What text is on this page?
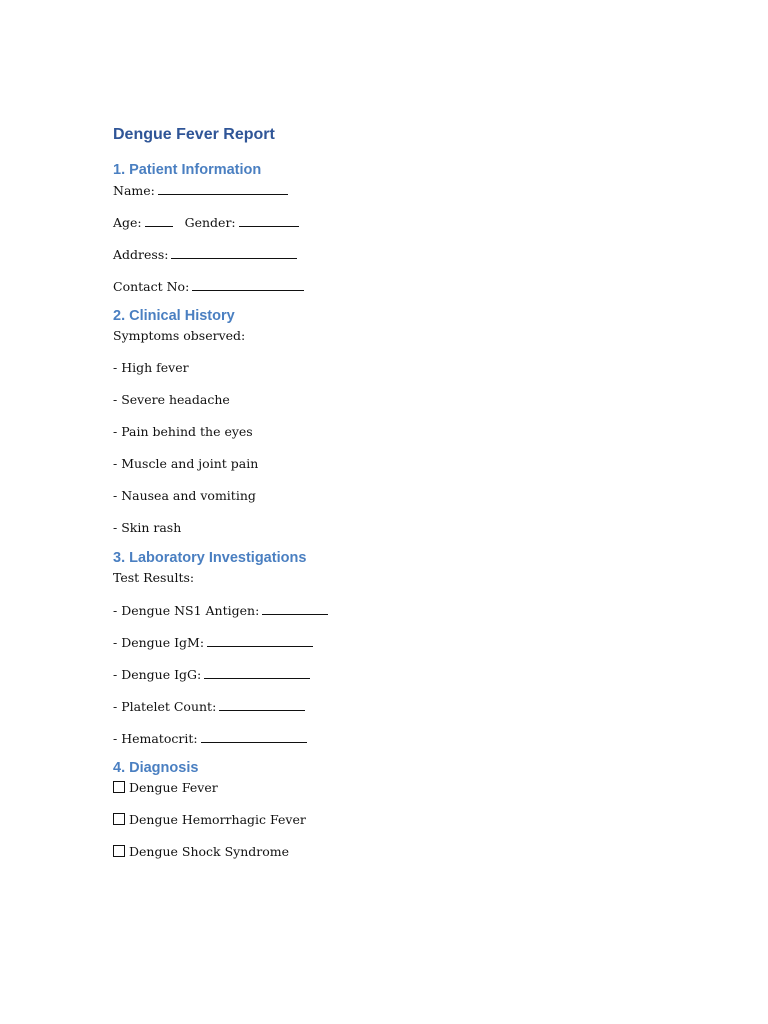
Dengue Fever Report
1. Patient Information
Name:
Age:	Gender:
Address:
Contact No:
2. Clinical History
Symptoms observed:
- High fever
- Severe headache
- Pain behind the eyes
- Muscle and joint pain
- Nausea and vomiting
- Skin rash
3. Laboratory Investigations
Test Results:
- Dengue NS1 Antigen:
- Dengue IgM:
- Dengue IgG:
- Platelet Count:
- Hematocrit:
4. Diagnosis
Dengue Fever
Dengue Hemorrhagic Fever
Dengue Shock Syndrome
